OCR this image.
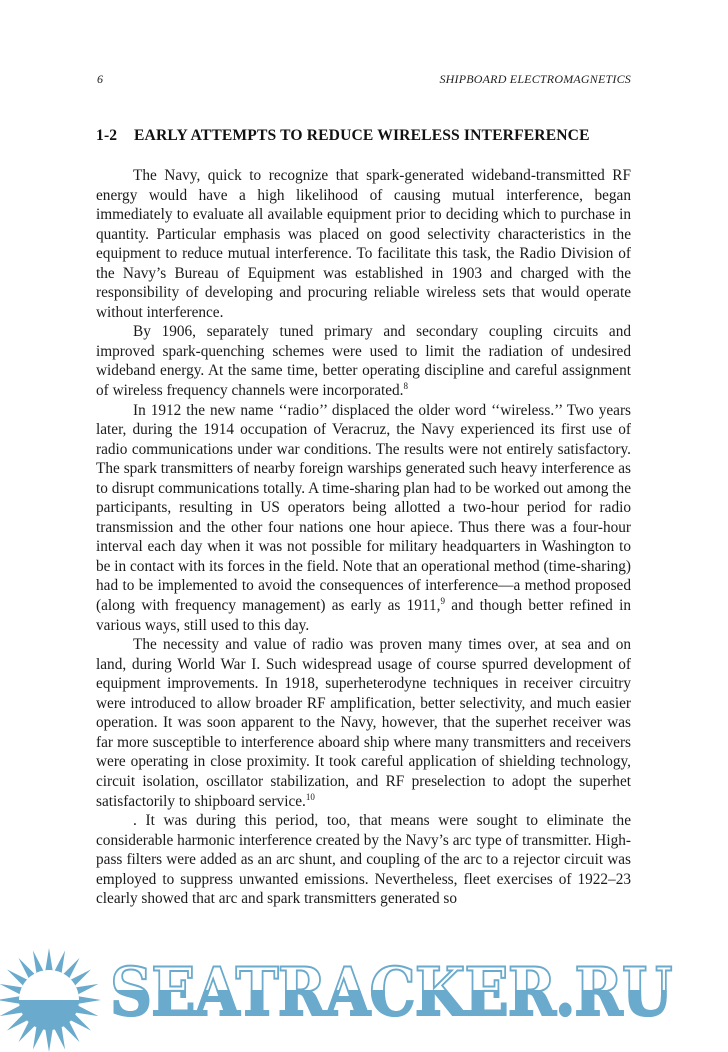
6	SHIPBOARD ELECTROMAGNETICS
1-2 EARLY ATTEMPTS TO REDUCE WIRELESS INTERFERENCE

The Navy, quick to recognize that spark-generated wideband-transmitted RF energy would have a high likelihood of causing mutual interference, began immediately to evaluate all available equipment prior to deciding which to purchase in quantity. Particular emphasis was placed on good selectivity characteristics in the equipment to reduce mutual interference. To facilitate this task, the Radio Division of the Navy’s Bureau of Equipment was established in 1903 and charged with the responsibility of developing and procuring reliable wireless sets that would operate without interference.

By 1906, separately tuned primary and secondary coupling circuits and improved spark-quenching schemes were used to limit the radiation of undesired wideband energy. At the same time, better operating discipline and careful assignment of wireless frequency channels were incorporated.$^8$

In 1912 the new name ‘‘radio’’ displaced the older word ‘‘wireless.’’ Two years later, during the 1914 occupation of Veracruz, the Navy experienced its first use of radio communications under war conditions. The results were not entirely satisfactory. The spark transmitters of nearby foreign warships generated such heavy interference as to disrupt communications totally. A time-sharing plan had to be worked out among the participants, resulting in US operators being allotted a two-hour period for radio transmission and the other four nations one hour apiece. Thus there was a four-hour interval each day when it was not possible for military headquarters in Washington to be in contact with its forces in the field. Note that an operational method (time-sharing) had to be implemented to avoid the consequences of interference—a method proposed (along with frequency management) as early as 1911,$^9$ and though better refined in various ways, still used to this day.

The necessity and value of radio was proven many times over, at sea and on land, during World War I. Such widespread usage of course spurred development of equipment improvements. In 1918, superheterodyne techniques in receiver circuitry were introduced to allow broader RF amplification, better selectivity, and much easier operation. It was soon apparent to the Navy, however, that the superhet receiver was far more susceptible to interference aboard ship where many transmitters and receivers were operating in close proximity. It took careful application of shielding technology, circuit isolation, oscillator stabilization, and RF preselection to adopt the superhet satisfactorily to shipboard service.$^{10}$

. It was during this period, too, that means were sought to eliminate the considerable harmonic interference created by the Navy’s arc type of transmitter. High-pass filters were added as an arc shunt, and coupling of the arc to a rejector circuit was employed to suppress unwanted emissions. Nevertheless, fleet exercises of 1922–23 clearly showed that arc and spark transmitters generated so

SEATRACKER.RU
